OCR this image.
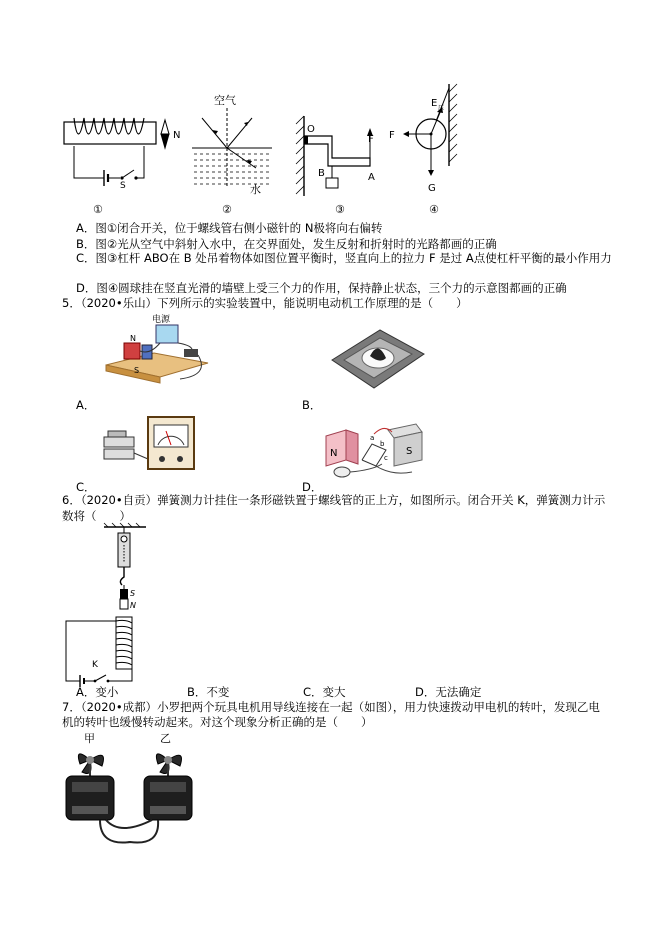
N
S
空气
水
O
F
B	A
E 压
F
G
①	②	③	④
A．图①闭合开关，位于螺线管右侧小磁针的 N极将向右偏转
B．图②光从空气中斜射入水中，在交界面处，发生反射和折射时的光路都画的正确
C．图③杠杆 ABO在 B 处吊着物体如图位置平衡时，竖直向上的拉力 F 是过 A点使杠杆平衡的最小作用力
D．图④圆球挂在竖直光滑的墙壁上受三个力的作用，保持静止状态，三个力的示意图都画的正确
5．（2020•乐山）下列所示的实验装置中，能说明电动机工作原理的是（　　）
N
S
电源
A．	B．
C．
N	S
a
b
c
D．
6．（2020•自贡）弹簧测力计挂住一条形磁铁置于螺线管的正上方，如图所示。闭合开关 K，弹簧测力计示
数将（　　）
S
N
K
A．变小	B．不变	C．变大	D．无法确定
7．（2020•成都）小罗把两个玩具电机用导线连接在一起（如图），用力快速拨动甲电机的转叶，发现乙电
机的转叶也缓慢转动起来。对这个现象分析正确的是（　　）
甲	乙
